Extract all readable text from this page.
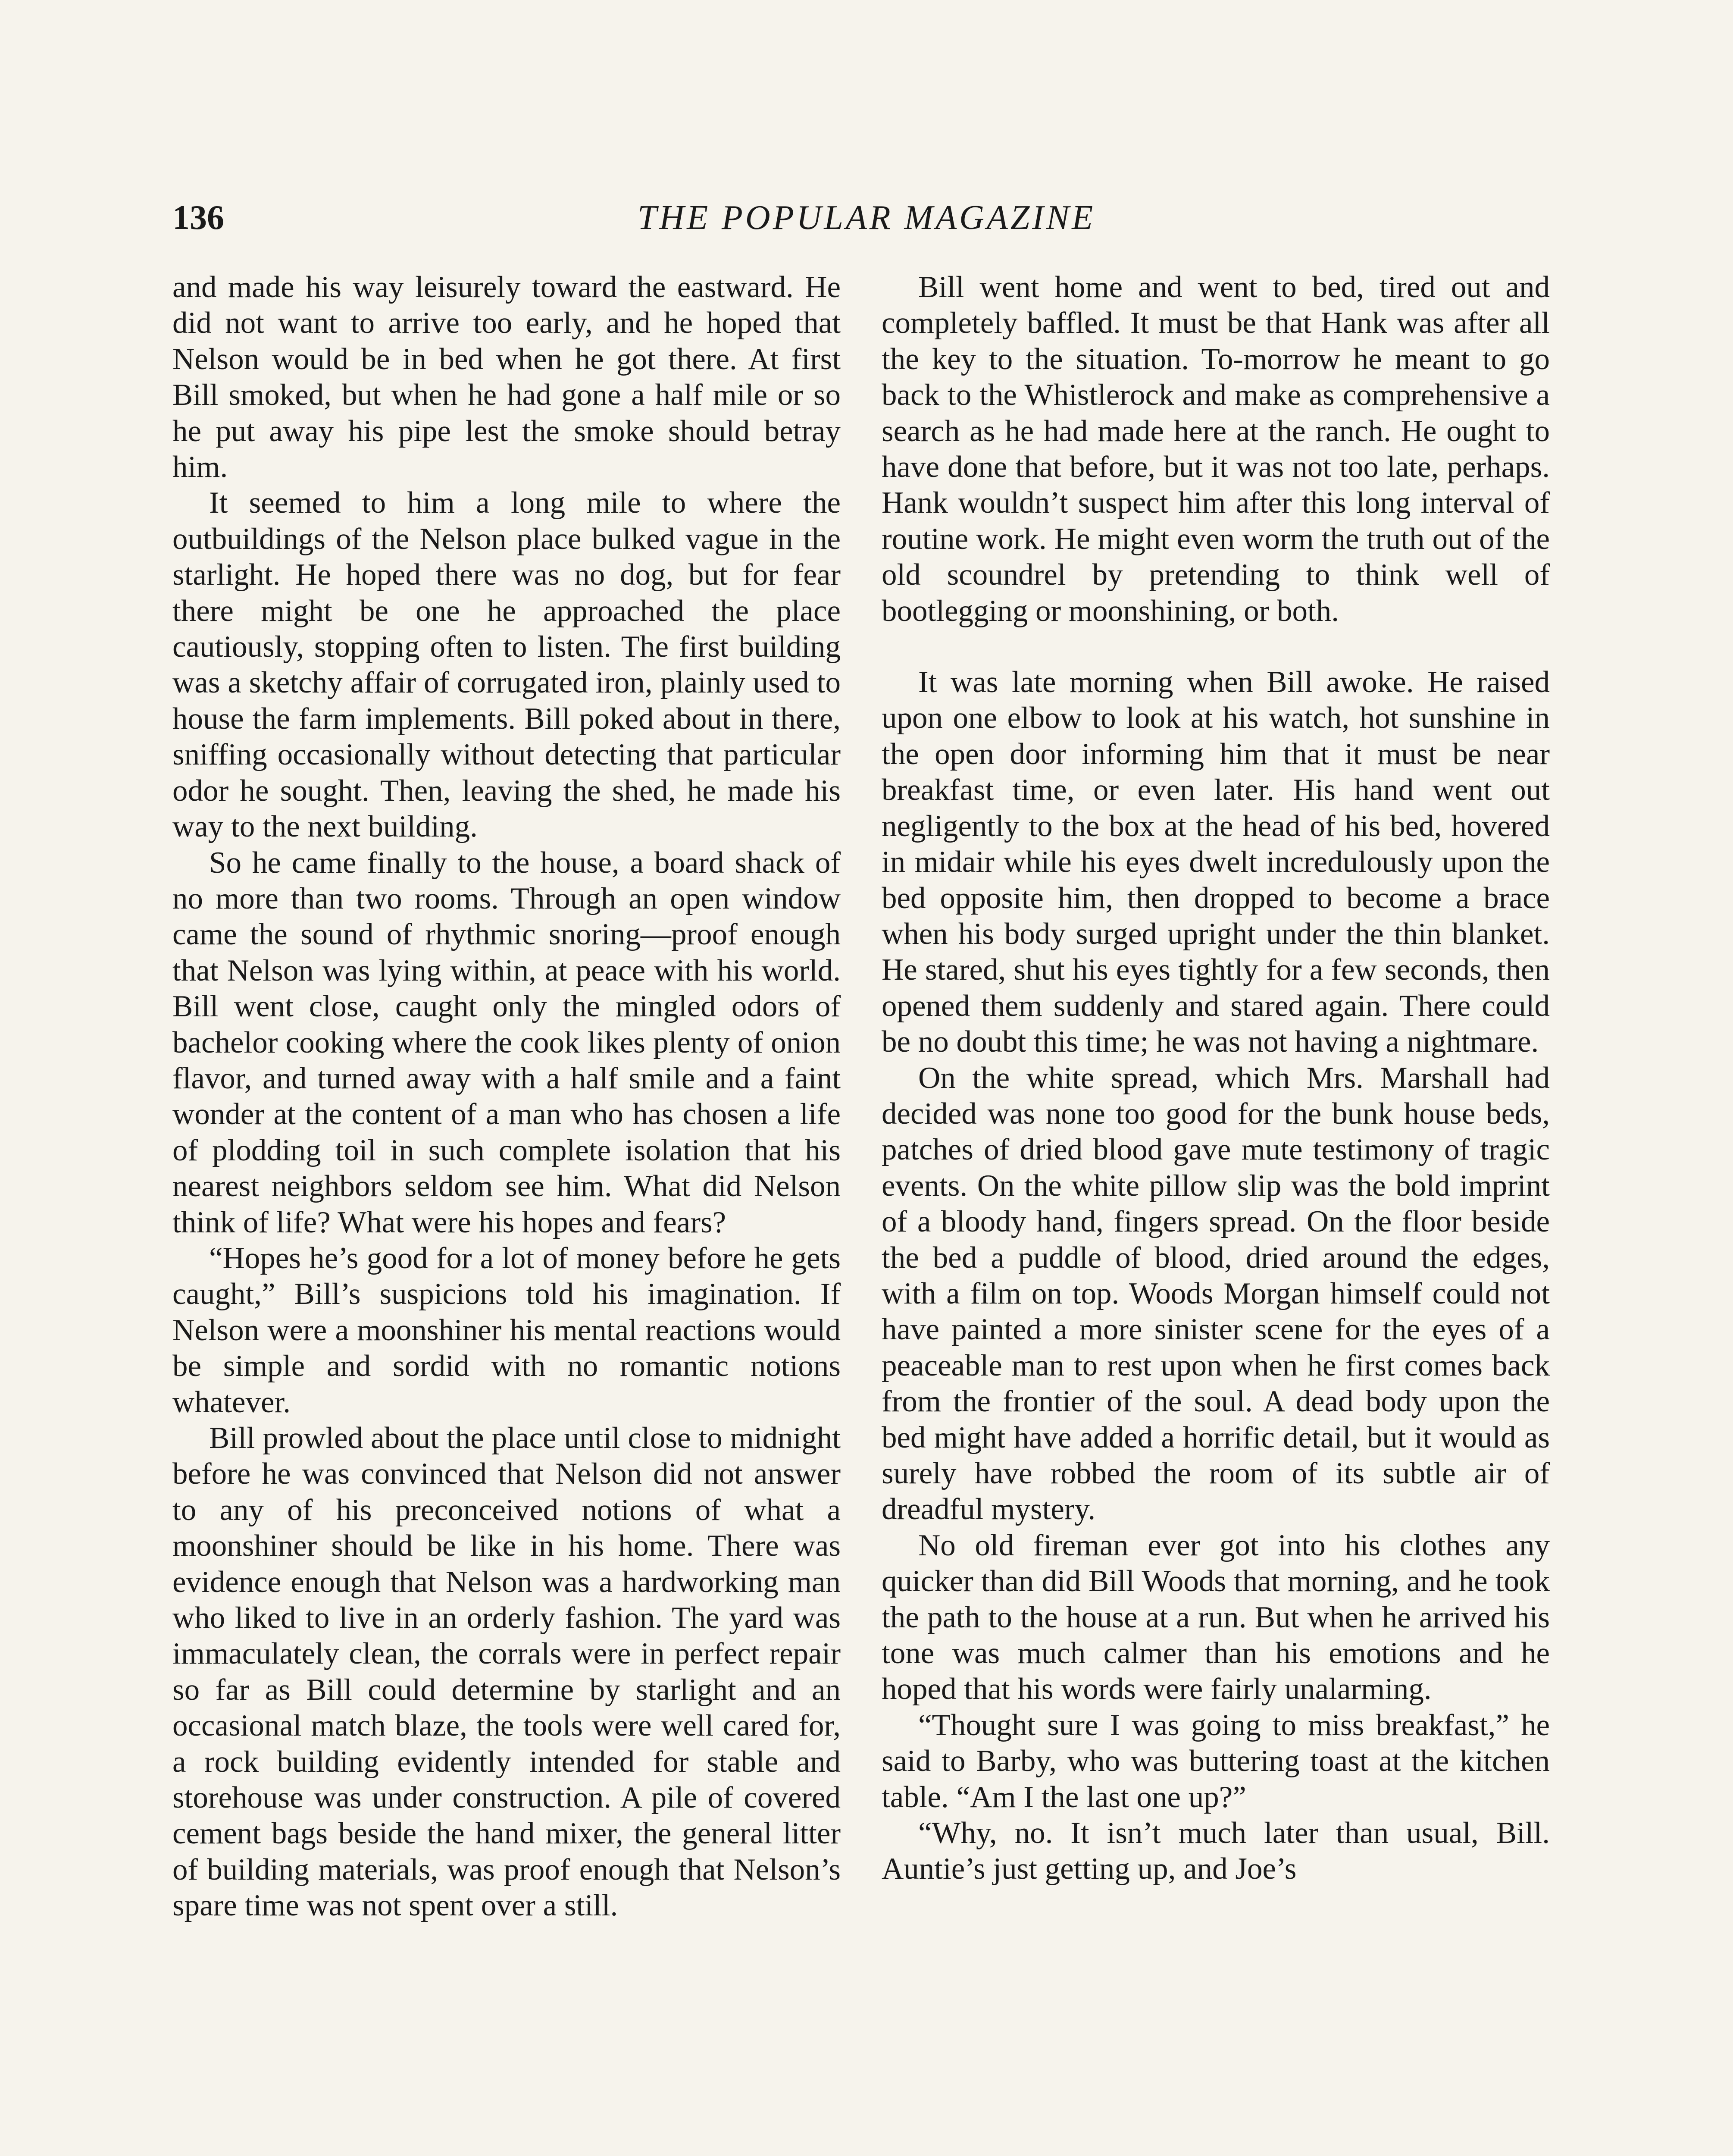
136	THE POPULAR MAGAZINE

and made his way leisurely toward the eastward. He did not want to arrive too early, and he hoped that Nelson would be in bed when he got there. At first Bill smoked, but when he had gone a half mile or so he put away his pipe lest the smoke should betray him.

It seemed to him a long mile to where the outbuildings of the Nelson place bulked vague in the starlight. He hoped there was no dog, but for fear there might be one he approached the place cautiously, stopping often to listen. The first building was a sketchy affair of corrugated iron, plainly used to house the farm implements. Bill poked about in there, sniffing occasionally without detecting that particular odor he sought. Then, leaving the shed, he made his way to the next building.

So he came finally to the house, a board shack of no more than two rooms. Through an open window came the sound of rhythmic snoring—proof enough that Nelson was lying within, at peace with his world. Bill went close, caught only the mingled odors of bachelor cooking where the cook likes plenty of onion flavor, and turned away with a half smile and a faint wonder at the content of a man who has chosen a life of plodding toil in such complete isolation that his nearest neighbors seldom see him. What did Nelson think of life? What were his hopes and fears?

“Hopes he’s good for a lot of money before he gets caught,” Bill’s suspicions told his imagination. If Nelson were a moonshiner his mental reactions would be simple and sordid with no romantic notions whatever.

Bill prowled about the place until close to midnight before he was convinced that Nelson did not answer to any of his preconceived notions of what a moonshiner should be like in his home. There was evidence enough that Nelson was a hardworking man who liked to live in an orderly fashion. The yard was immaculately clean, the corrals were in perfect repair so far as Bill could determine by starlight and an occasional match blaze, the tools were well cared for, a rock building evidently intended for stable and storehouse was under construction. A pile of covered cement bags beside the hand mixer, the general litter of building materials, was proof enough that Nelson’s spare time was not spent over a still.

Bill went home and went to bed, tired out and completely baffled. It must be that Hank was after all the key to the situation. To-morrow he meant to go back to the Whistlerock and make as comprehensive a search as he had made here at the ranch. He ought to have done that before, but it was not too late, perhaps. Hank wouldn’t suspect him after this long interval of routine work. He might even worm the truth out of the old scoundrel by pretending to think well of bootlegging or moonshining, or both.

It was late morning when Bill awoke. He raised upon one elbow to look at his watch, hot sunshine in the open door informing him that it must be near breakfast time, or even later. His hand went out negligently to the box at the head of his bed, hovered in midair while his eyes dwelt incredulously upon the bed opposite him, then dropped to become a brace when his body surged upright under the thin blanket. He stared, shut his eyes tightly for a few seconds, then opened them suddenly and stared again. There could be no doubt this time; he was not having a nightmare.

On the white spread, which Mrs. Marshall had decided was none too good for the bunk house beds, patches of dried blood gave mute testimony of tragic events. On the white pillow slip was the bold imprint of a bloody hand, fingers spread. On the floor beside the bed a puddle of blood, dried around the edges, with a film on top. Woods Morgan himself could not have painted a more sinister scene for the eyes of a peaceable man to rest upon when he first comes back from the frontier of the soul. A dead body upon the bed might have added a horrific detail, but it would as surely have robbed the room of its subtle air of dreadful mystery.

No old fireman ever got into his clothes any quicker than did Bill Woods that morning, and he took the path to the house at a run. But when he arrived his tone was much calmer than his emotions and he hoped that his words were fairly unalarming.

“Thought sure I was going to miss breakfast,” he said to Barby, who was buttering toast at the kitchen table. “Am I the last one up?”

“Why, no. It isn’t much later than usual, Bill. Auntie’s just getting up, and Joe’s
